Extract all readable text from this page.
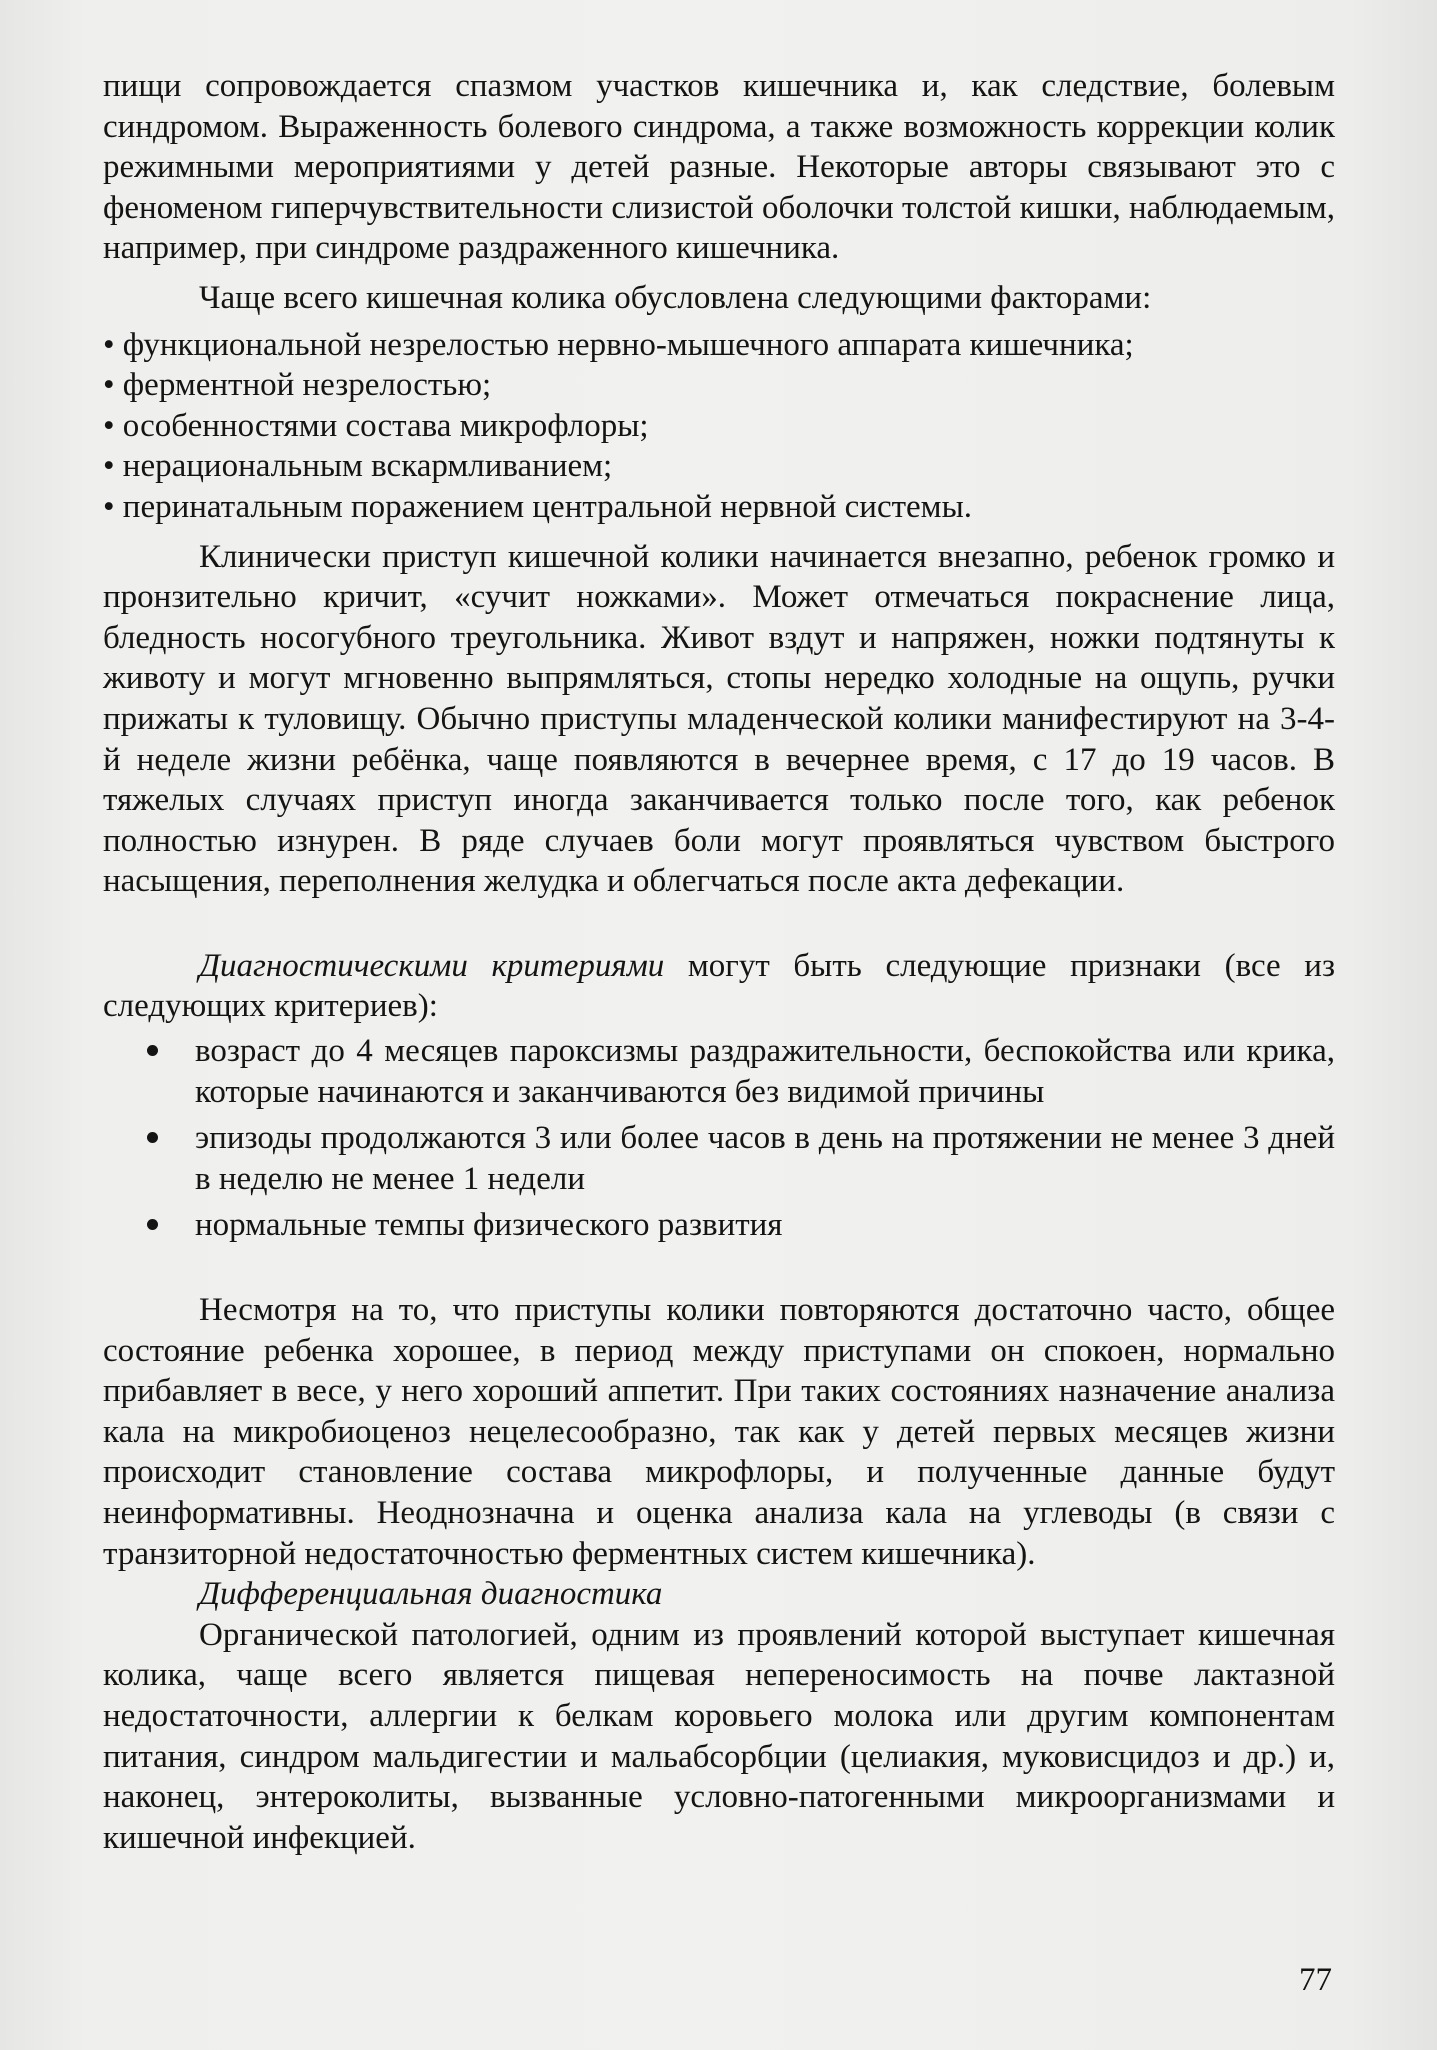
пищи сопровождается спазмом участков кишечника и, как следствие, болевым синдромом. Выраженность болевого синдрома, а также возможность коррекции колик режимными мероприятиями у детей разные. Некоторые авторы связывают это с феноменом гиперчувствительности слизистой оболочки толстой кишки, наблюдаемым, например, при синдроме раздраженного кишечника.

Чаще всего кишечная колика обусловлена следующими факторами:

• функциональной незрелостью нервно-мышечного аппарата кишечника;
• ферментной незрелостью;
• особенностями состава микрофлоры;
• нерациональным вскармливанием;
• перинатальным поражением центральной нервной системы.

Клинически приступ кишечной колики начинается внезапно, ребенок громко и пронзительно кричит, «сучит ножками». Может отмечаться покраснение лица, бледность носогубного треугольника. Живот вздут и напряжен, ножки подтянуты к животу и могут мгновенно выпрямляться, стопы нередко холодные на ощупь, ручки прижаты к туловищу. Обычно приступы младенческой колики манифестируют на 3-4-й неделе жизни ребёнка, чаще появляются в вечернее время, с 17 до 19 часов. В тяжелых случаях приступ иногда заканчивается только после того, как ребенок полностью изнурен. В ряде случаев боли могут проявляться чувством быстрого насыщения, переполнения желудка и облегчаться после акта дефекации.

Диагностическими критериями могут быть следующие признаки (все из следующих критериев):

возраст до 4 месяцев пароксизмы раздражительности, беспокойства или крика, которые начинаются и заканчиваются без видимой причины
эпизоды продолжаются 3 или более часов в день на протяжении не менее 3 дней в неделю не менее 1 недели
нормальные темпы физического развития

Несмотря на то, что приступы колики повторяются достаточно часто, общее состояние ребенка хорошее, в период между приступами он спокоен, нормально прибавляет в весе, у него хороший аппетит. При таких состояниях назначение анализа кала на микробиоценоз нецелесообразно, так как у детей первых месяцев жизни происходит становление состава микрофлоры, и полученные данные будут неинформативны. Неоднозначна и оценка анализа кала на углеводы (в связи с транзиторной недостаточностью ферментных систем кишечника).

Дифференциальная диагностика

Органической патологией, одним из проявлений которой выступает кишечная колика, чаще всего является пищевая непереносимость на почве лактазной недостаточности, аллергии к белкам коровьего молока или другим компонентам питания, синдром мальдигестии и мальабсорбции (целиакия, муковисцидоз и др.) и, наконец, энтероколиты, вызванные условно-патогенными микроорганизмами и кишечной инфекцией.

77
